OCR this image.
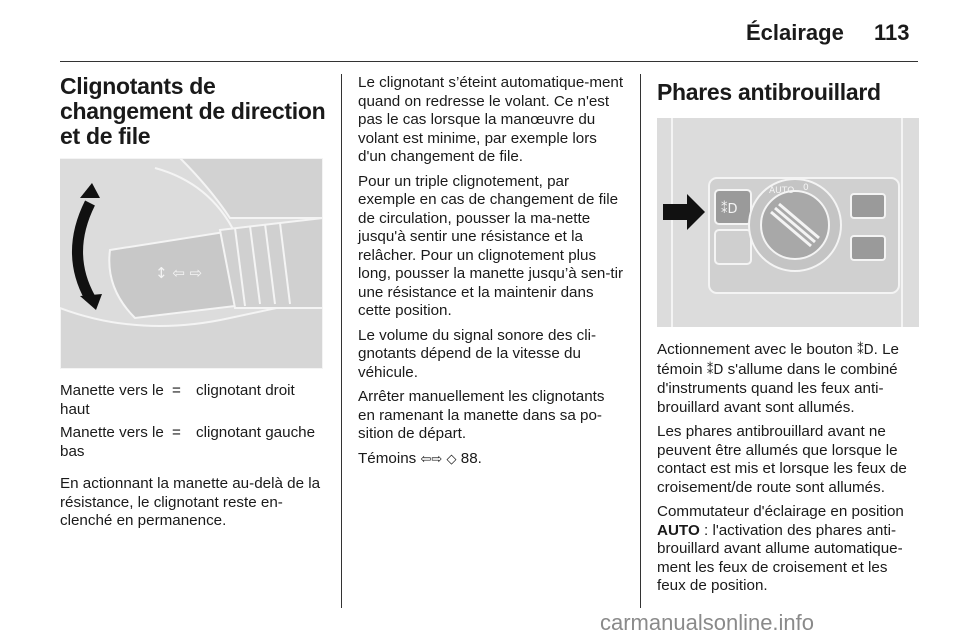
Éclairage 113
Clignotants de changement de direction et de file
↕ ⇦ ⇨
Manette vers le haut
= clignotant droit
Manette vers le bas
= clignotant gauche

En actionnant la manette au-delà de la résistance, le clignotant reste en-clenché en permanence.

Le clignotant s’éteint automatique-ment quand on redresse le volant. Ce n'est pas le cas lorsque la manœuvre du volant est minime, par exemple lors d'un changement de file.

Pour un triple clignotement, par exemple en cas de changement de file de circulation, pousser la ma-nette jusqu'à sentir une résistance et la relâcher. Pour un clignotement plus long, pousser la manette jusqu’à sen-tir une résistance et la maintenir dans cette position.

Le volume du signal sonore des cli-gnotants dépend de la vitesse du véhicule.

Arrêter manuellement les clignotants en ramenant la manette dans sa po-sition de départ.

Témoins ⇦⇨ ◇ 88.

Phares antibrouillard
⁑D
AUTO 0

Actionnement avec le bouton ⁑D. Le témoin ⁑D s'allume dans le combiné d'instruments quand les feux anti-brouillard avant sont allumés.

Les phares antibrouillard avant ne peuvent être allumés que lorsque le contact est mis et lorsque les feux de croisement/de route sont allumés.

Commutateur d'éclairage en position AUTO : l'activation des phares anti-brouillard avant allume automatique-ment les feux de croisement et les feux de position.

carmanualsonline.info
